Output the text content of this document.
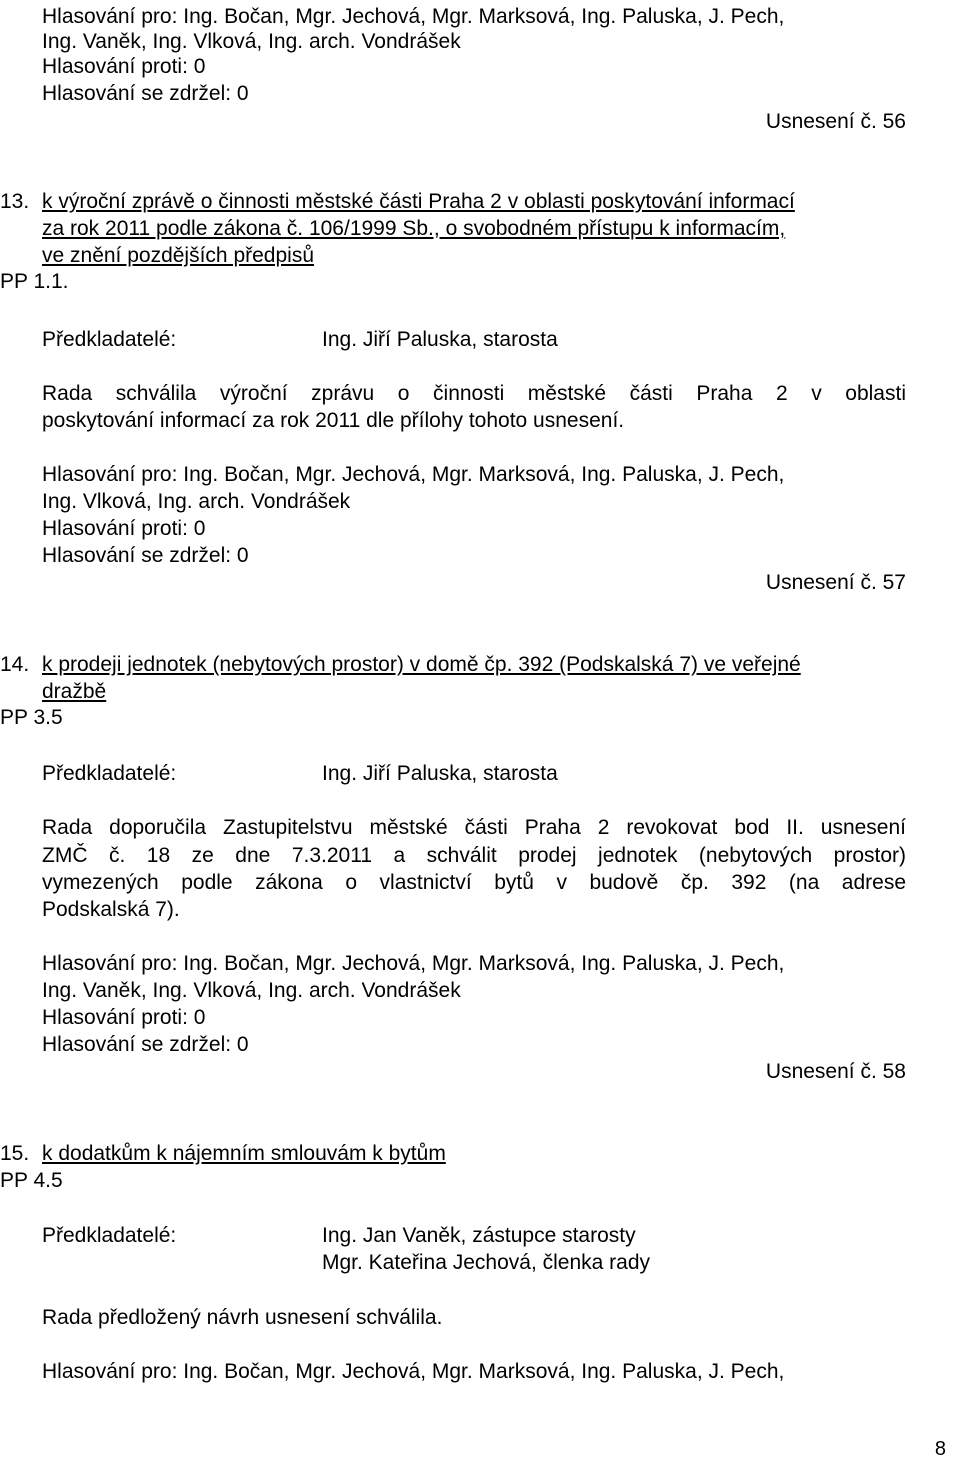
Hlasování pro: Ing. Bočan, Mgr. Jechová, Mgr. Marksová, Ing. Paluska, J. Pech,
Ing. Vaněk, Ing. Vlková, Ing. arch. Vondrášek
Hlasování proti: 0
Hlasování se zdržel: 0
Usnesení č. 56
13. k výroční zprávě o činnosti městské části Praha 2 v oblasti poskytování informací
za rok 2011 podle zákona č. 106/1999 Sb., o svobodném přístupu k informacím,
ve znění pozdějších předpisů
PP 1.1.
Předkladatelé:	Ing. Jiří Paluska, starosta
Rada schválila výroční zprávu o činnosti městské části Praha 2 v oblasti
poskytování informací za rok 2011 dle přílohy tohoto usnesení.
Hlasování pro: Ing. Bočan, Mgr. Jechová, Mgr. Marksová, Ing. Paluska, J. Pech,
Ing. Vlková, Ing. arch. Vondrášek
Hlasování proti: 0
Hlasování se zdržel: 0
Usnesení č. 57
14. k prodeji jednotek (nebytových prostor) v domě čp. 392 (Podskalská 7) ve veřejné
dražbě
PP 3.5
Předkladatelé:	Ing. Jiří Paluska, starosta
Rada doporučila Zastupitelstvu městské části Praha 2 revokovat bod II. usnesení
ZMČ č. 18 ze dne 7.3.2011 a schválit prodej jednotek (nebytových prostor)
vymezených podle zákona o vlastnictví bytů v budově čp. 392 (na adrese
Podskalská 7).
Hlasování pro: Ing. Bočan, Mgr. Jechová, Mgr. Marksová, Ing. Paluska, J. Pech,
Ing. Vaněk, Ing. Vlková, Ing. arch. Vondrášek
Hlasování proti: 0
Hlasování se zdržel: 0
Usnesení č. 58
15. k dodatkům k nájemním smlouvám k bytům
PP 4.5
Předkladatelé:	Ing. Jan Vaněk, zástupce starosty
Mgr. Kateřina Jechová, členka rady
Rada předložený návrh usnesení schválila.
Hlasování pro: Ing. Bočan, Mgr. Jechová, Mgr. Marksová, Ing. Paluska, J. Pech,
8
